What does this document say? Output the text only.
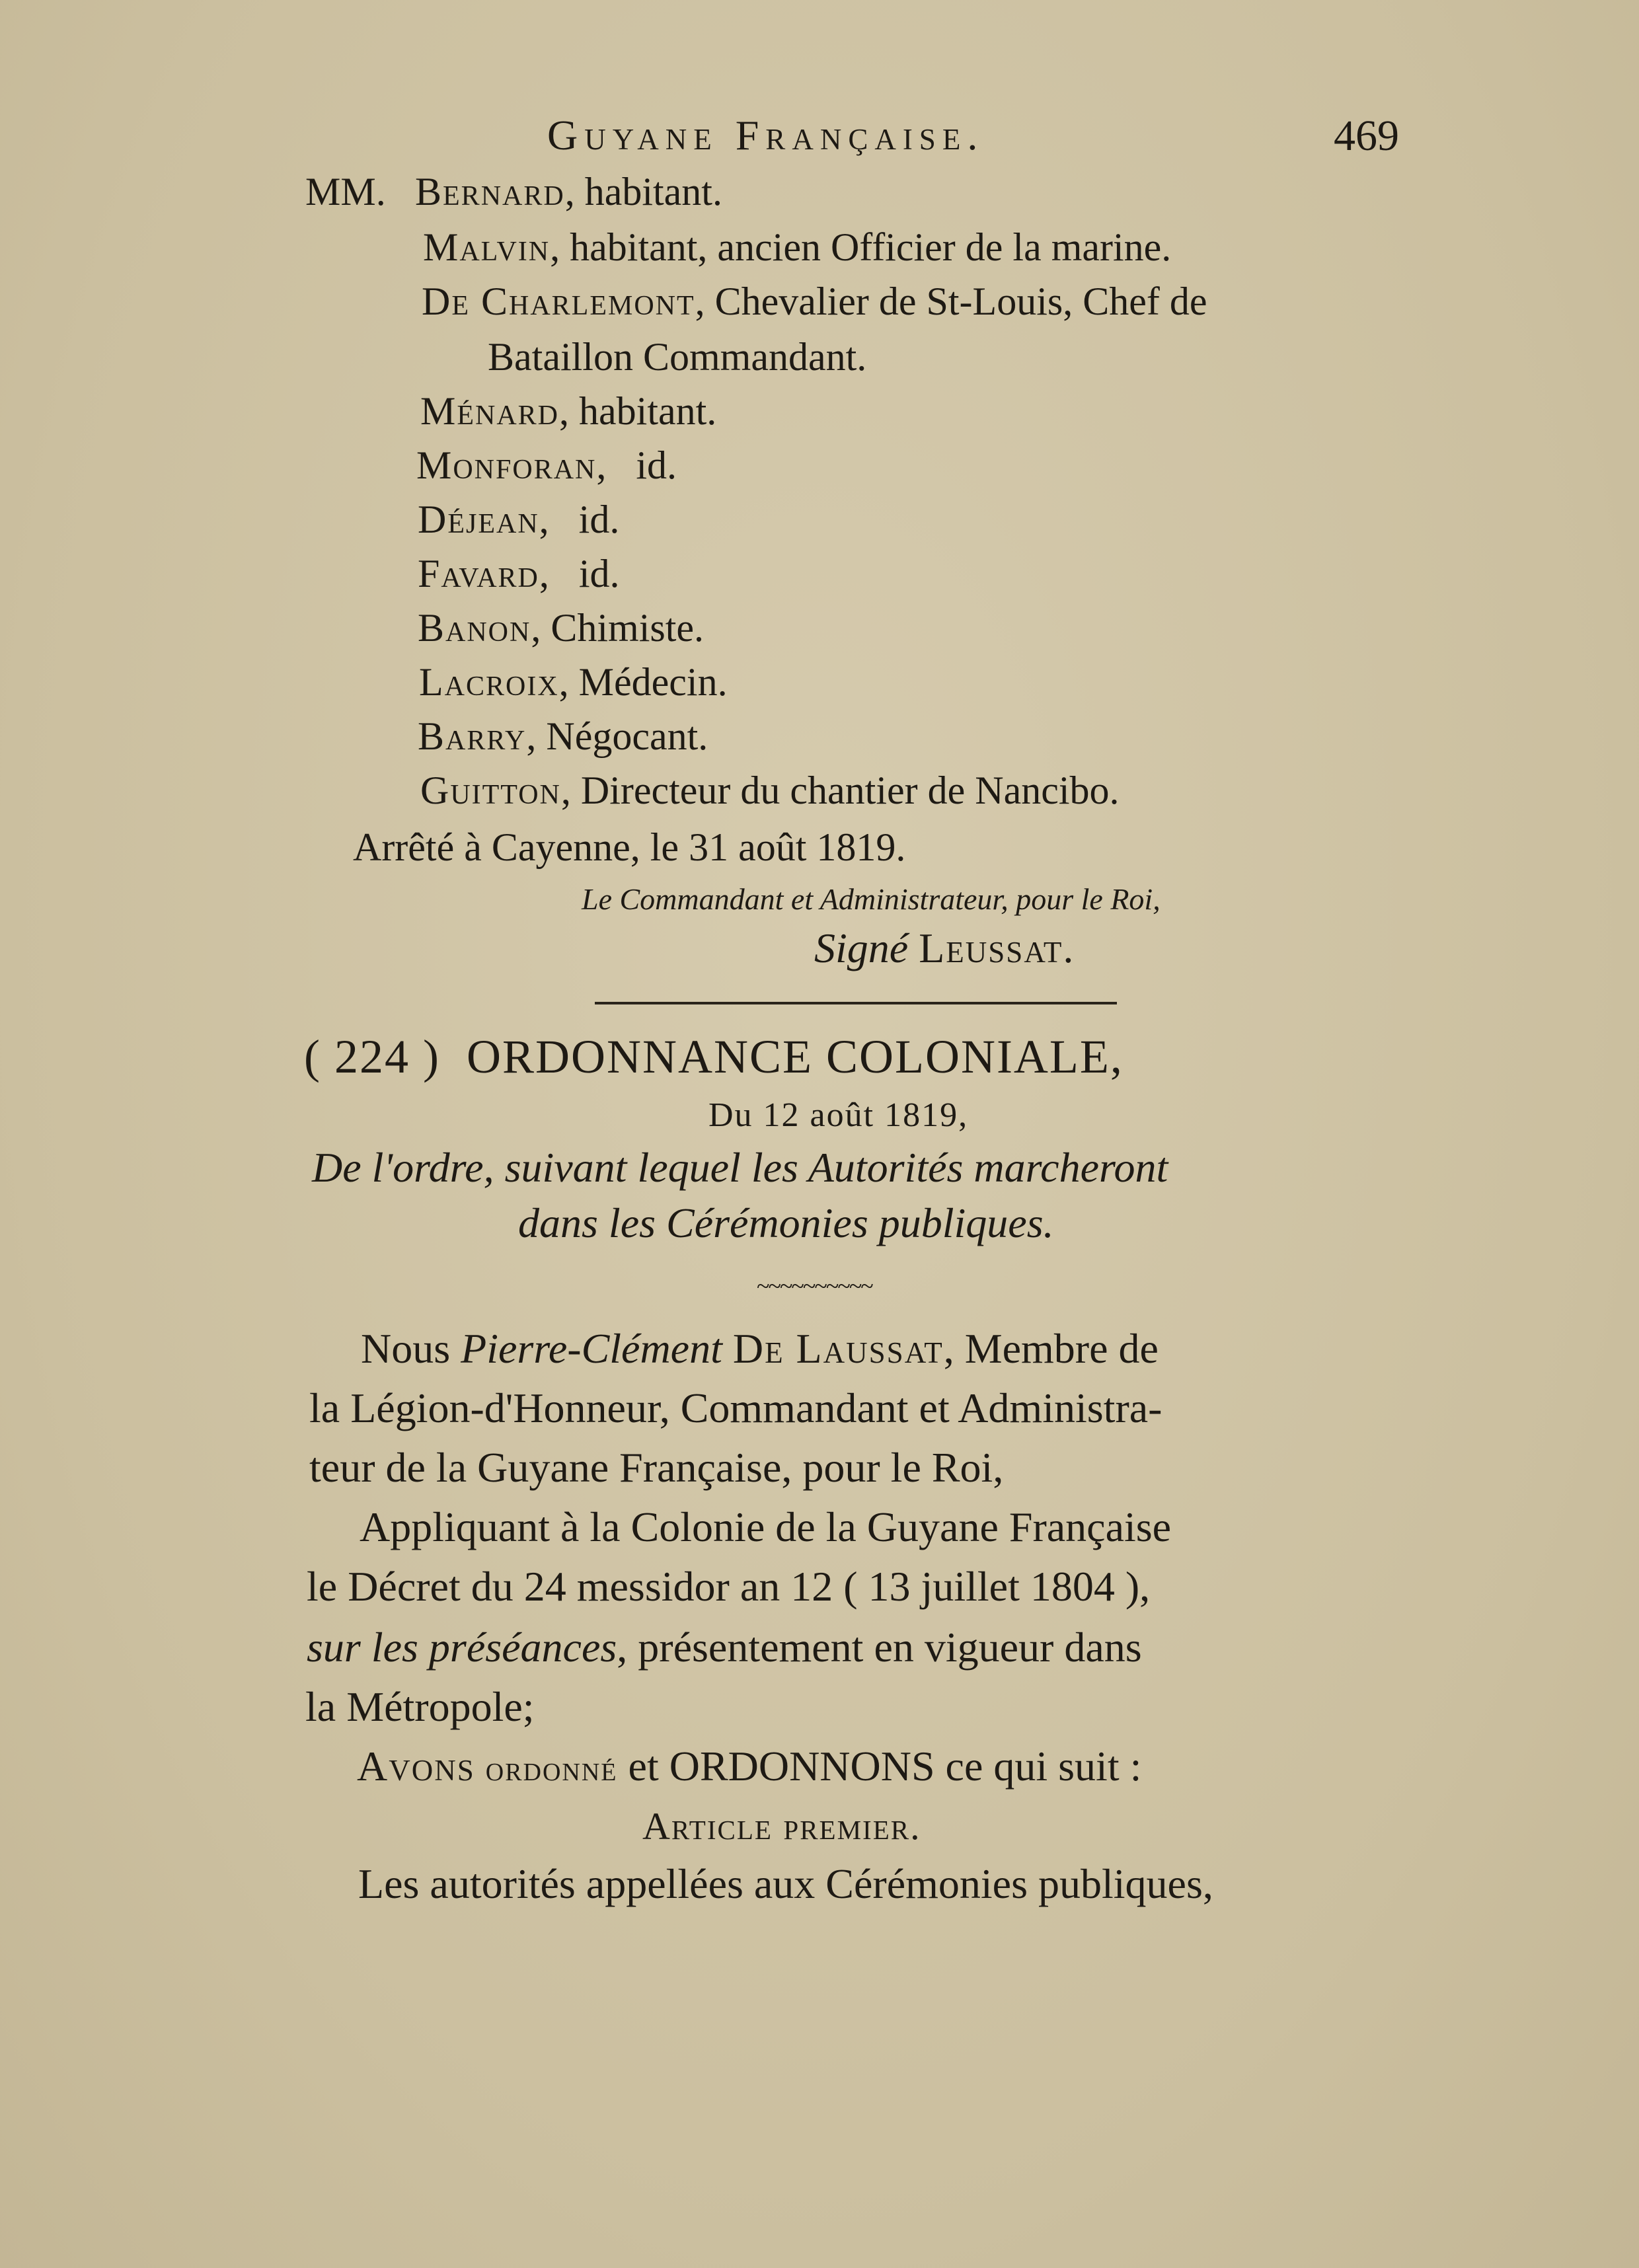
Guyane Française.	469
MM. Bernard, habitant.
Malvin, habitant, ancien Officier de la marine.
De Charlemont, Chevalier de St-Louis, Chef de
Bataillon Commandant.
Ménard, habitant.
Monforan,   id.
Déjean,   id.
Favard,   id.
Banon, Chimiste.
Lacroix, Médecin.
Barry, Négocant.
Guitton, Directeur du chantier de Nancibo.
Arrêté à Cayenne, le 31 août 1819.
Le Commandant et Administrateur, pour le Roi,
Signé Leussat.
( 224 )  ORDONNANCE COLONIALE,
Du 12 août 1819,
De l'ordre, suivant lequel les Autorités marcheront
dans les Cérémonies publiques.
~~~~~~~~~~
Nous Pierre-Clément De Laussat, Membre de
la Légion-d'Honneur, Commandant et Administra-
teur de la Guyane Française, pour le Roi,
Appliquant à la Colonie de la Guyane Française
le Décret du 24 messidor an 12 ( 13 juillet 1804 ),
sur les préséances, présentement en vigueur dans
la Métropole;
Avons ordonné et ORDONNONS ce qui suit :
Article premier.
Les autorités appellées aux Cérémonies publiques,
